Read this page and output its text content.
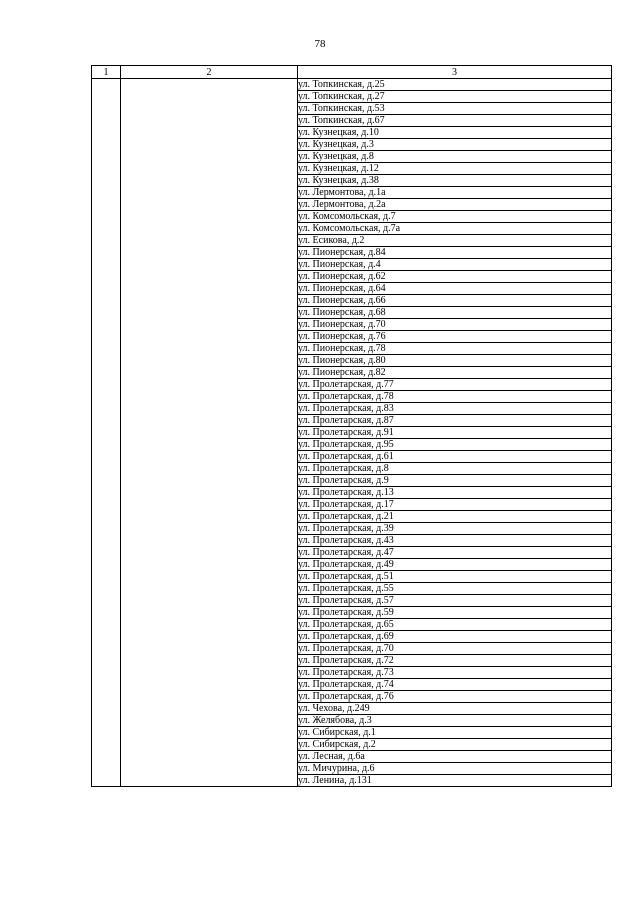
78
1	2	3
		ул. Топкинская, д.25
		ул. Топкинская, д.27
		ул. Топкинская, д.53
		ул. Топкинская, д.67
		ул. Кузнецкая, д.10
		ул. Кузнецкая, д.3
		ул. Кузнецкая, д.8
		ул. Кузнецкая, д.12
		ул. Кузнецкая, д.38
		ул. Лермонтова, д.1а
		ул. Лермонтова, д.2а
		ул. Комсомольская, д.7
		ул. Комсомольская, д.7а
		ул. Есикова, д.2
		ул. Пионерская, д.84
		ул. Пионерская, д.4
		ул. Пионерская, д.62
		ул. Пионерская, д.64
		ул. Пионерская, д.66
		ул. Пионерская, д.68
		ул. Пионерская, д.70
		ул. Пионерская, д.76
		ул. Пионерская, д.78
		ул. Пионерская, д.80
		ул. Пионерская, д.82
		ул. Пролетарская, д.77
		ул. Пролетарская, д.78
		ул. Пролетарская, д.83
		ул. Пролетарская, д.87
		ул. Пролетарская, д.91
		ул. Пролетарская, д.95
		ул. Пролетарская, д.61
		ул. Пролетарская, д.8
		ул. Пролетарская, д.9
		ул. Пролетарская, д.13
		ул. Пролетарская, д.17
		ул. Пролетарская, д.21
		ул. Пролетарская, д.39
		ул. Пролетарская, д.43
		ул. Пролетарская, д.47
		ул. Пролетарская, д.49
		ул. Пролетарская, д.51
		ул. Пролетарская, д.55
		ул. Пролетарская, д.57
		ул. Пролетарская, д.59
		ул. Пролетарская, д.65
		ул. Пролетарская, д.69
		ул. Пролетарская, д.70
		ул. Пролетарская, д.72
		ул. Пролетарская, д.73
		ул. Пролетарская, д.74
		ул. Пролетарская, д.76
		ул. Чехова, д.249
		ул. Желябова, д.3
		ул. Сибирская, д.1
		ул. Сибирская, д.2
		ул. Лесная, д.6а
		ул. Мичурина, д.6
		ул. Ленина, д.131
